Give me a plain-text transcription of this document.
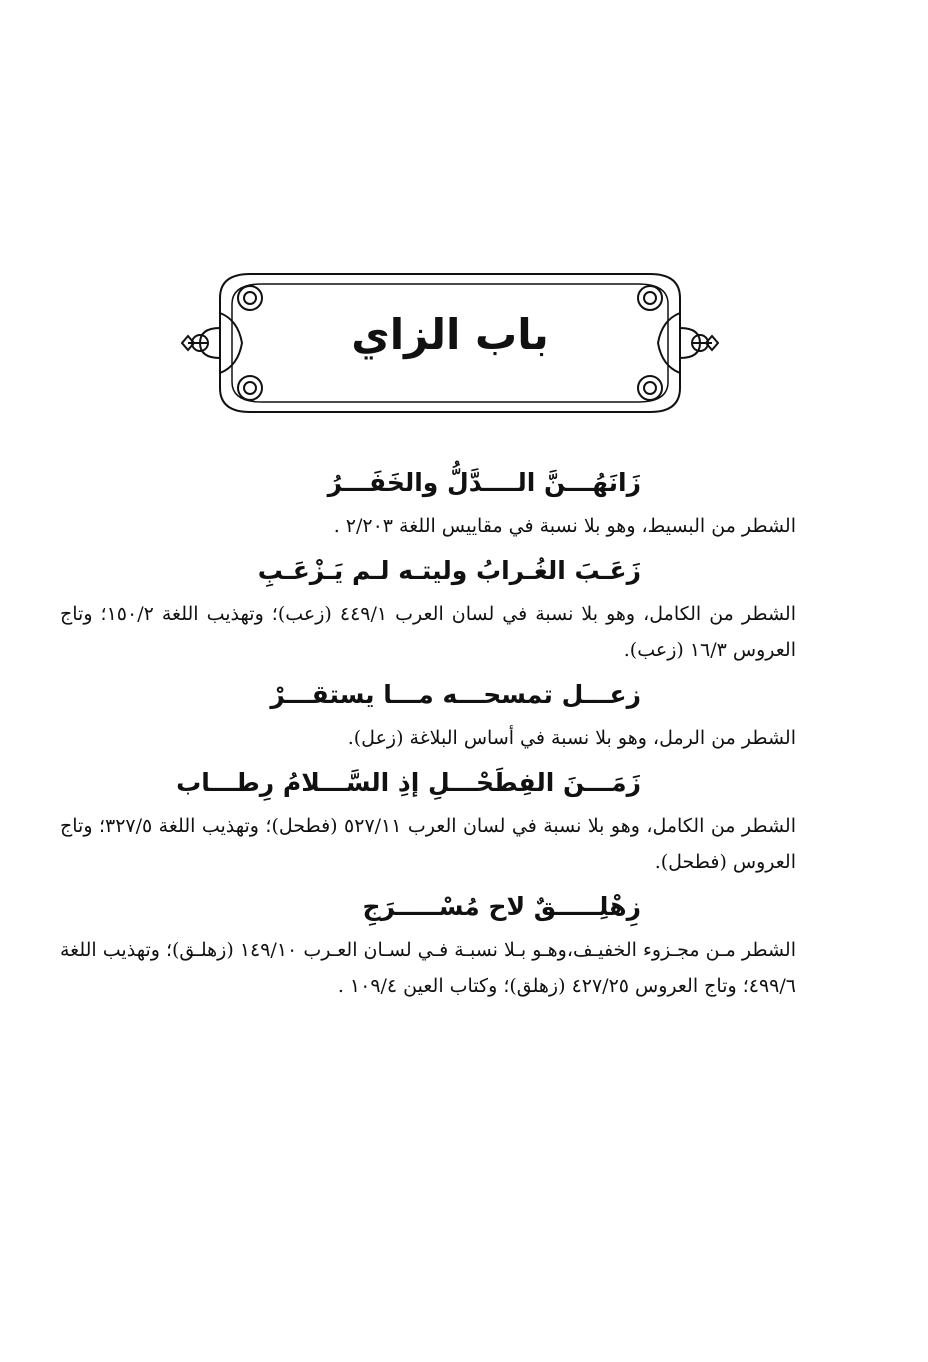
باب الزاي
زَانَهُـــنَّ الــــدَّلُّ والخَفَـــرُ
الشطر من البسيط، وهو بلا نسبة في مقاييس اللغة ٢/٢٠٣ .
زَعَـبَ الغُـرابُ وليتـه لـم يَـزْعَـبِ
الشطر من الكامل، وهو بلا نسبة في لسان العرب ٤٤٩/١ (زعب)؛ وتهذيب اللغة ١٥٠/٢؛ وتاج العروس ١٦/٣ (زعب).
زعـــل تمسحـــه مـــا يستقـــرْ
الشطر من الرمل، وهو بلا نسبة في أساس البلاغة (زعل).
زَمَـــنَ الفِطَحْـــلِ إذِ السَّـــلامُ رِطـــاب
الشطر من الكامل، وهو بلا نسبة في لسان العرب ٥٢٧/١١ (فطحل)؛ وتهذيب اللغة ٣٢٧/٥؛ وتاج العروس (فطحل).
زِهْلِـــــقٌ لاح مُسْـــــرَجِ
الشطر مـن مجـزوء الخفيـف،وهـو بـلا نسبـة فـي لسـان العـرب ١٤٩/١٠ (زهلـق)؛ وتهذيب اللغة ٤٩٩/٦؛ وتاج العروس ٤٢٧/٢٥ (زهلق)؛ وكتاب العين ١٠٩/٤ .
